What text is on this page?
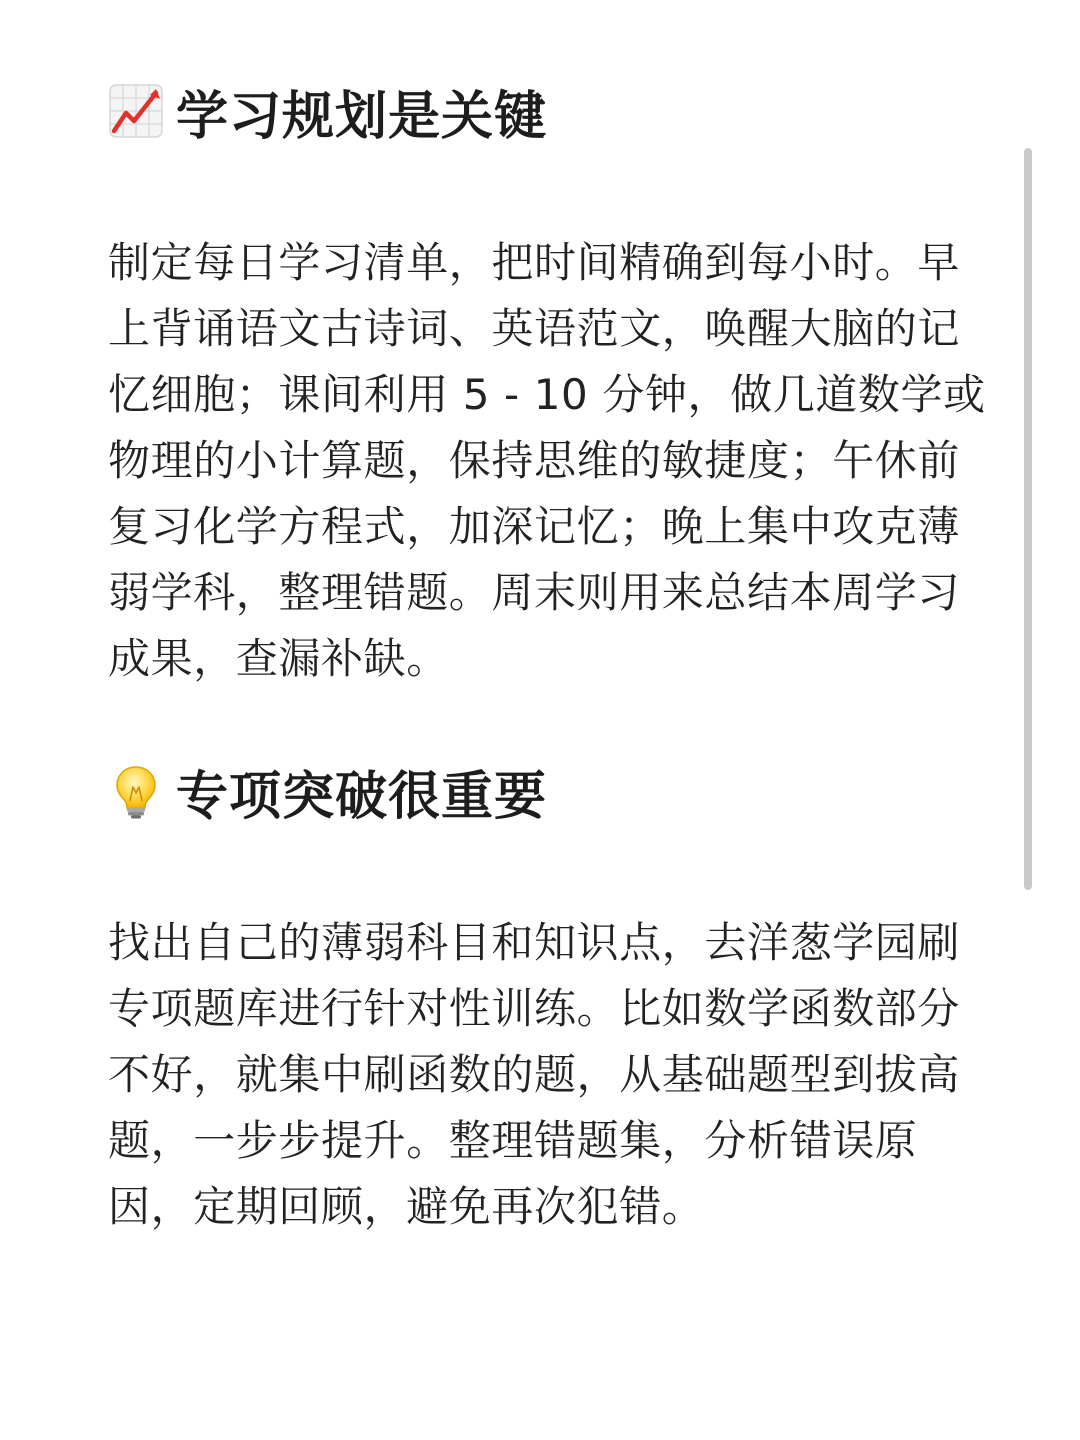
学习规划是关键
制定每日学习清单，把时间精确到每小时。早
上背诵语文古诗词、英语范文，唤醒大脑的记
忆细胞；课间利用 5 - 10 分钟，做几道数学或
物理的小计算题，保持思维的敏捷度；午休前
复习化学方程式，加深记忆；晚上集中攻克薄
弱学科，整理错题。周末则用来总结本周学习
成果，查漏补缺。
专项突破很重要
找出自己的薄弱科目和知识点，去洋葱学园刷
专项题库进行针对性训练。比如数学函数部分
不好，就集中刷函数的题，从基础题型到拔高
题，一步步提升。整理错题集，分析错误原
因，定期回顾，避免再次犯错。
